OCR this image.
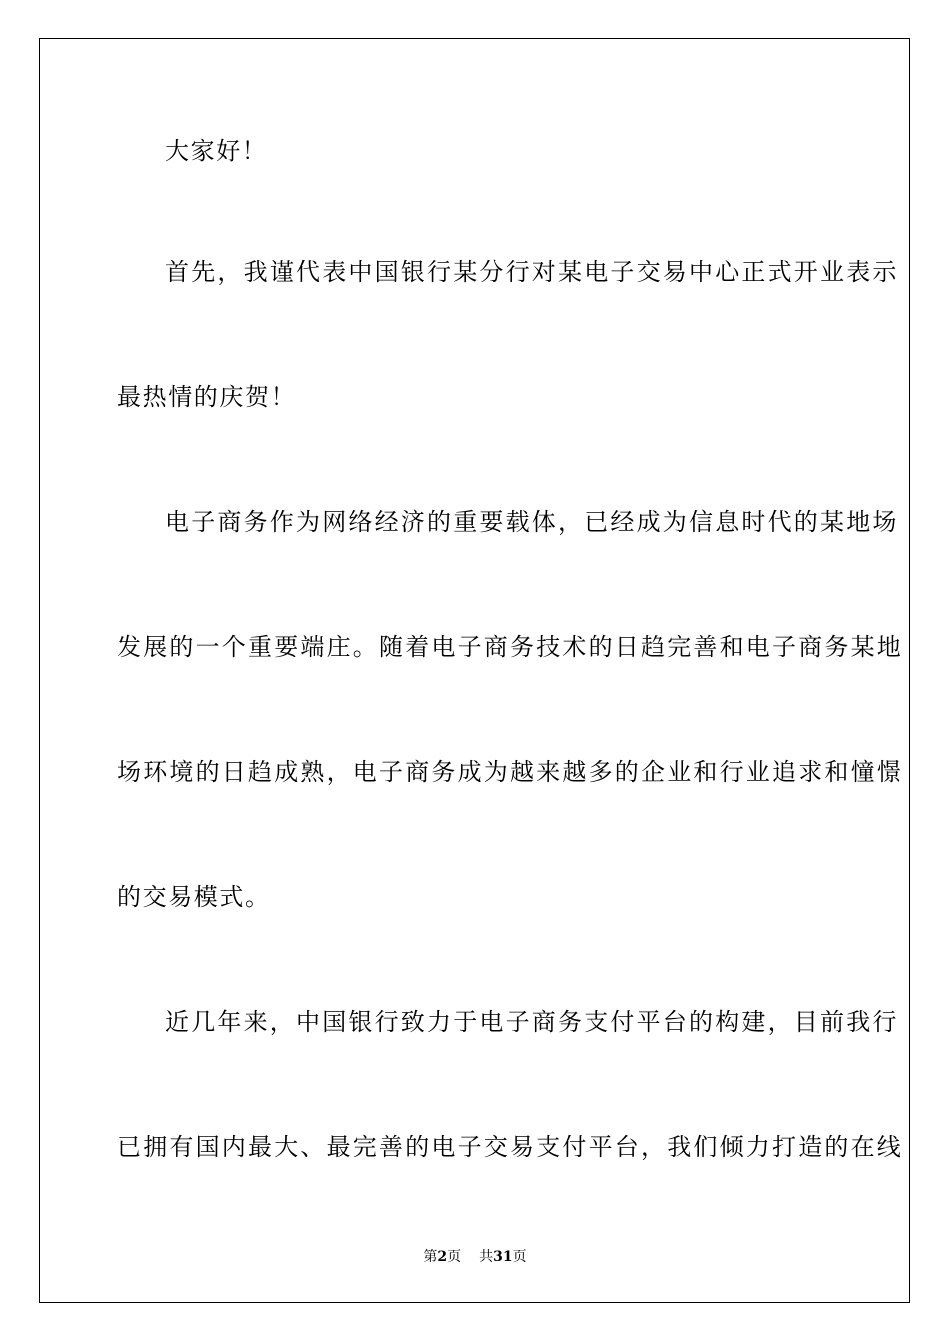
大家好！
首先，我谨代表中国银行某分行对某电子交易中心正式开业表示
最热情的庆贺！
电子商务作为网络经济的重要载体，已经成为信息时代的某地场
发展的一个重要端庄。随着电子商务技术的日趋完善和电子商务某地
场环境的日趋成熟，电子商务成为越来越多的企业和行业追求和憧憬
的交易模式。
近几年来，中国银行致力于电子商务支付平台的构建，目前我行
已拥有国内最大、最完善的电子交易支付平台，我们倾力打造的在线
第2页 共31页
